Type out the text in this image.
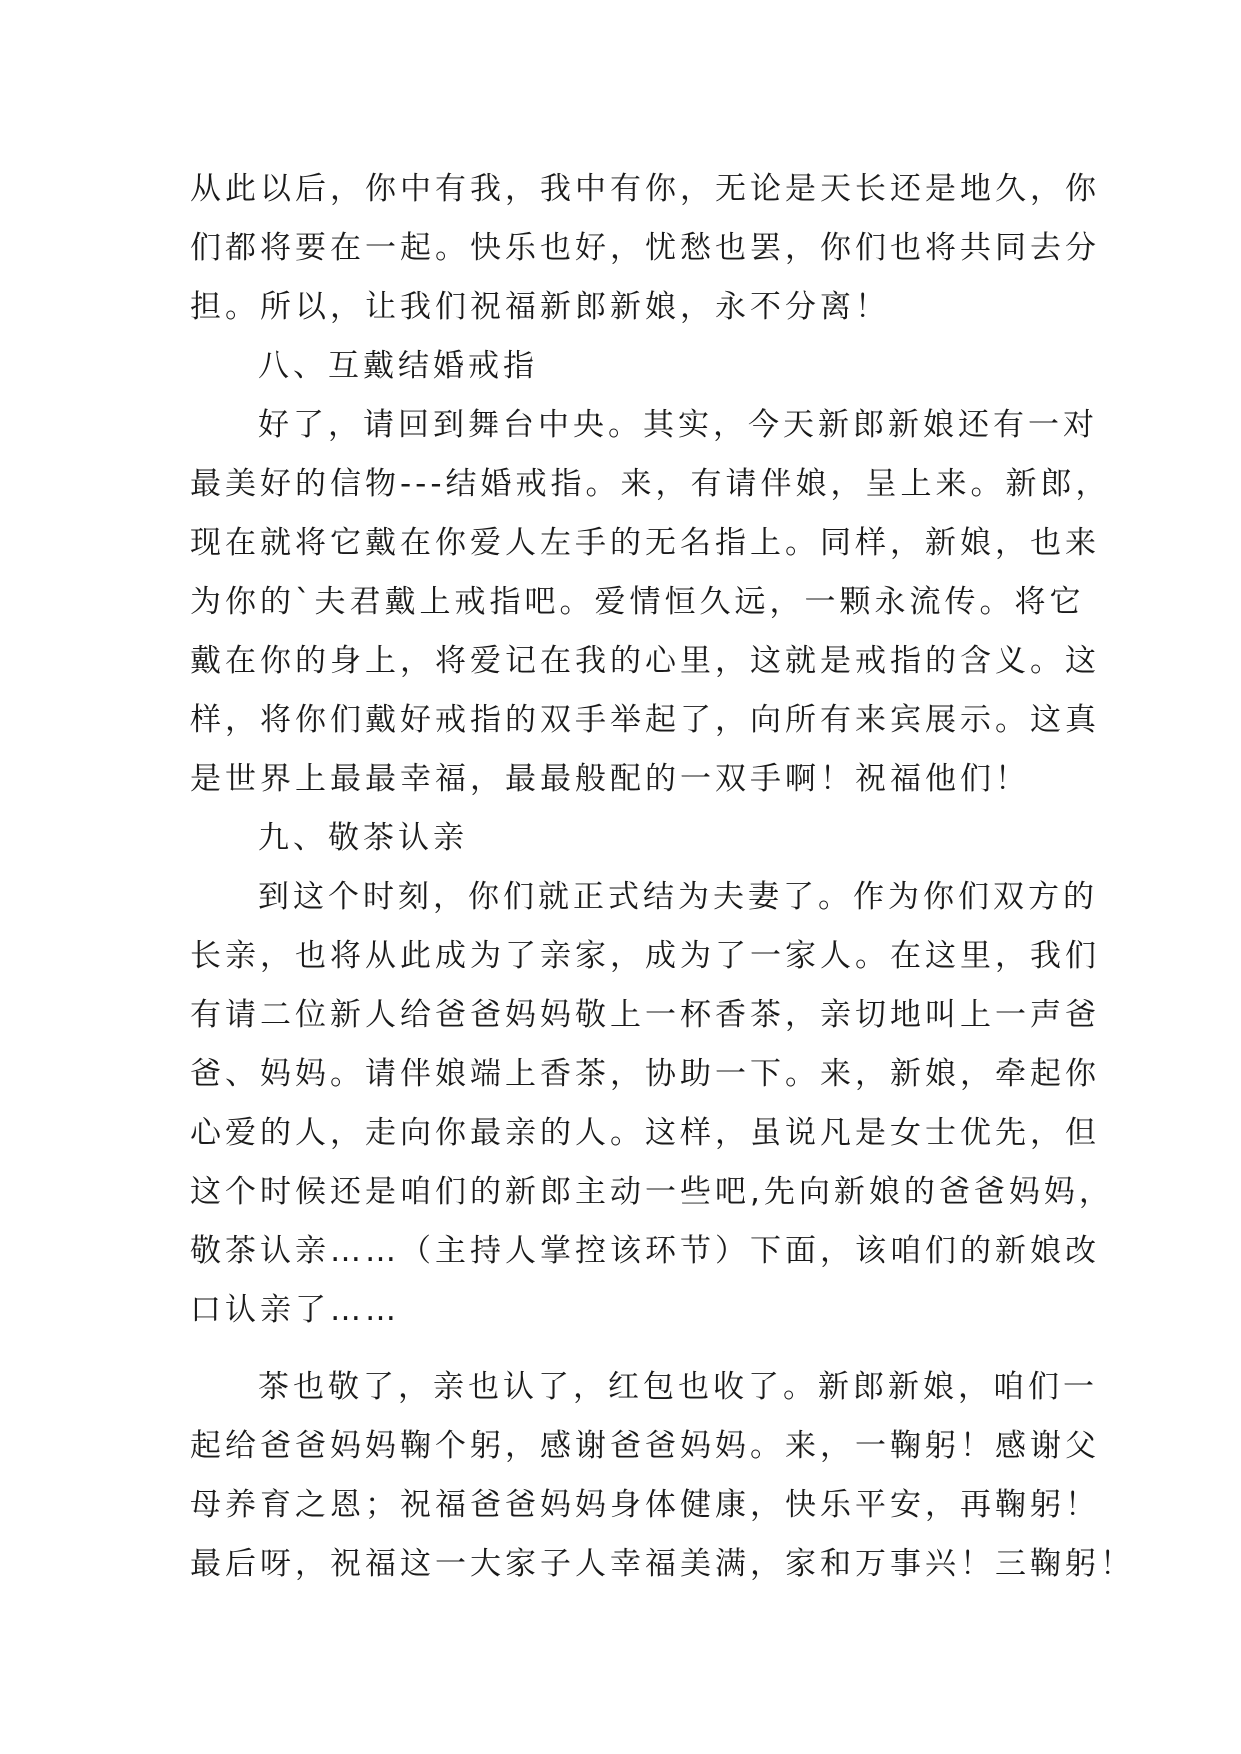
从此以后，你中有我，我中有你，无论是天长还是地久，你
们都将要在一起。快乐也好，忧愁也罢，你们也将共同去分
担。所以，让我们祝福新郎新娘，永不分离！
八、互戴结婚戒指
好了，请回到舞台中央。其实，今天新郎新娘还有一对
最美好的信物---结婚戒指。来，有请伴娘，呈上来。新郎，
现在就将它戴在你爱人左手的无名指上。同样，新娘，也来
为你的`夫君戴上戒指吧。爱情恒久远，一颗永流传。将它
戴在你的身上，将爱记在我的心里，这就是戒指的含义。这
样，将你们戴好戒指的双手举起了，向所有来宾展示。这真
是世界上最最幸福，最最般配的一双手啊！祝福他们！
九、敬茶认亲
到这个时刻，你们就正式结为夫妻了。作为你们双方的
长亲，也将从此成为了亲家，成为了一家人。在这里，我们
有请二位新人给爸爸妈妈敬上一杯香茶，亲切地叫上一声爸
爸、妈妈。请伴娘端上香茶，协助一下。来，新娘，牵起你
心爱的人，走向你最亲的人。这样，虽说凡是女士优先，但
这个时候还是咱们的新郎主动一些吧,先向新娘的爸爸妈妈，
敬茶认亲……（主持人掌控该环节）下面，该咱们的新娘改
口认亲了……
茶也敬了，亲也认了，红包也收了。新郎新娘，咱们一
起给爸爸妈妈鞠个躬，感谢爸爸妈妈。来，一鞠躬！感谢父
母养育之恩；祝福爸爸妈妈身体健康，快乐平安，再鞠躬！
最后呀，祝福这一大家子人幸福美满，家和万事兴！三鞠躬！
